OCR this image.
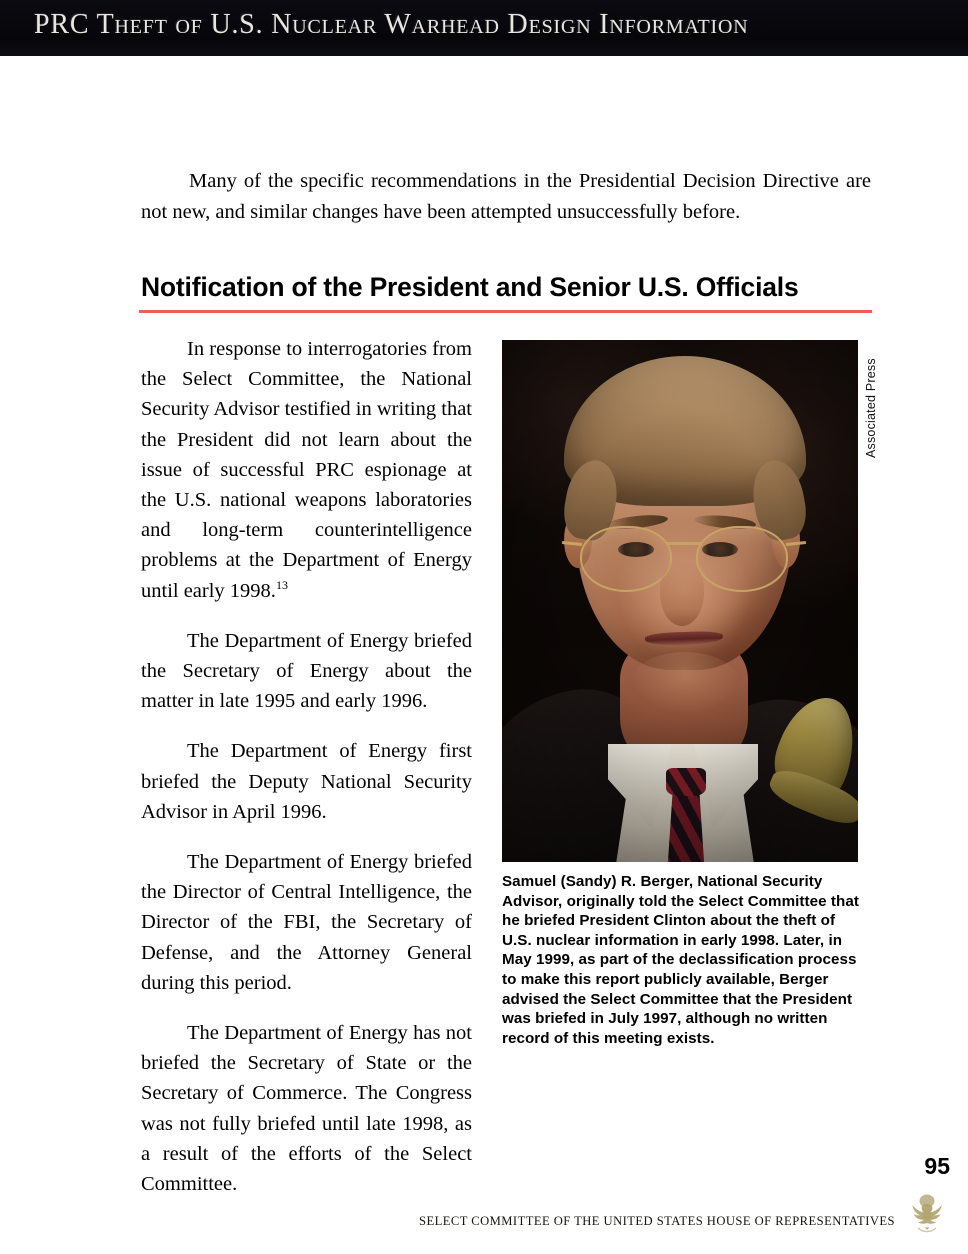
PRC Theft of U.S. Nuclear Warhead Design Information
Many of the specific recommendations in the Presidential Decision Directive are not new, and similar changes have been attempted unsuccessfully before.
Notification of the President and Senior U.S. Officials

In response to interrogatories from the Select Committee, the National Security Advisor testified in writing that the President did not learn about the issue of successful PRC espionage at the U.S. national weapons laboratories and long-term counterintelligence problems at the Department of Energy until early 1998.13

The Department of Energy briefed the Secretary of Energy about the matter in late 1995 and early 1996.

The Department of Energy first briefed the Deputy National Security Advisor in April 1996.

The Department of Energy briefed the Director of Central Intelligence, the Director of the FBI, the Secretary of Defense, and the Attorney General during this period.

The Department of Energy has not briefed the Secretary of State or the Secretary of Commerce. The Congress was not fully briefed until late 1998, as a result of the efforts of the Select Committee.

Associated Press
Samuel (Sandy) R. Berger, National Security Advisor, originally told the Select Committee that he briefed President Clinton about the theft of U.S. nuclear information in early 1998. Later, in May 1999, as part of the declassification process to make this report publicly available, Berger advised the Select Committee that the President was briefed in July 1997, although no written record of this meeting exists.
95
SELECT COMMITTEE OF THE UNITED STATES HOUSE OF REPRESENTATIVES
